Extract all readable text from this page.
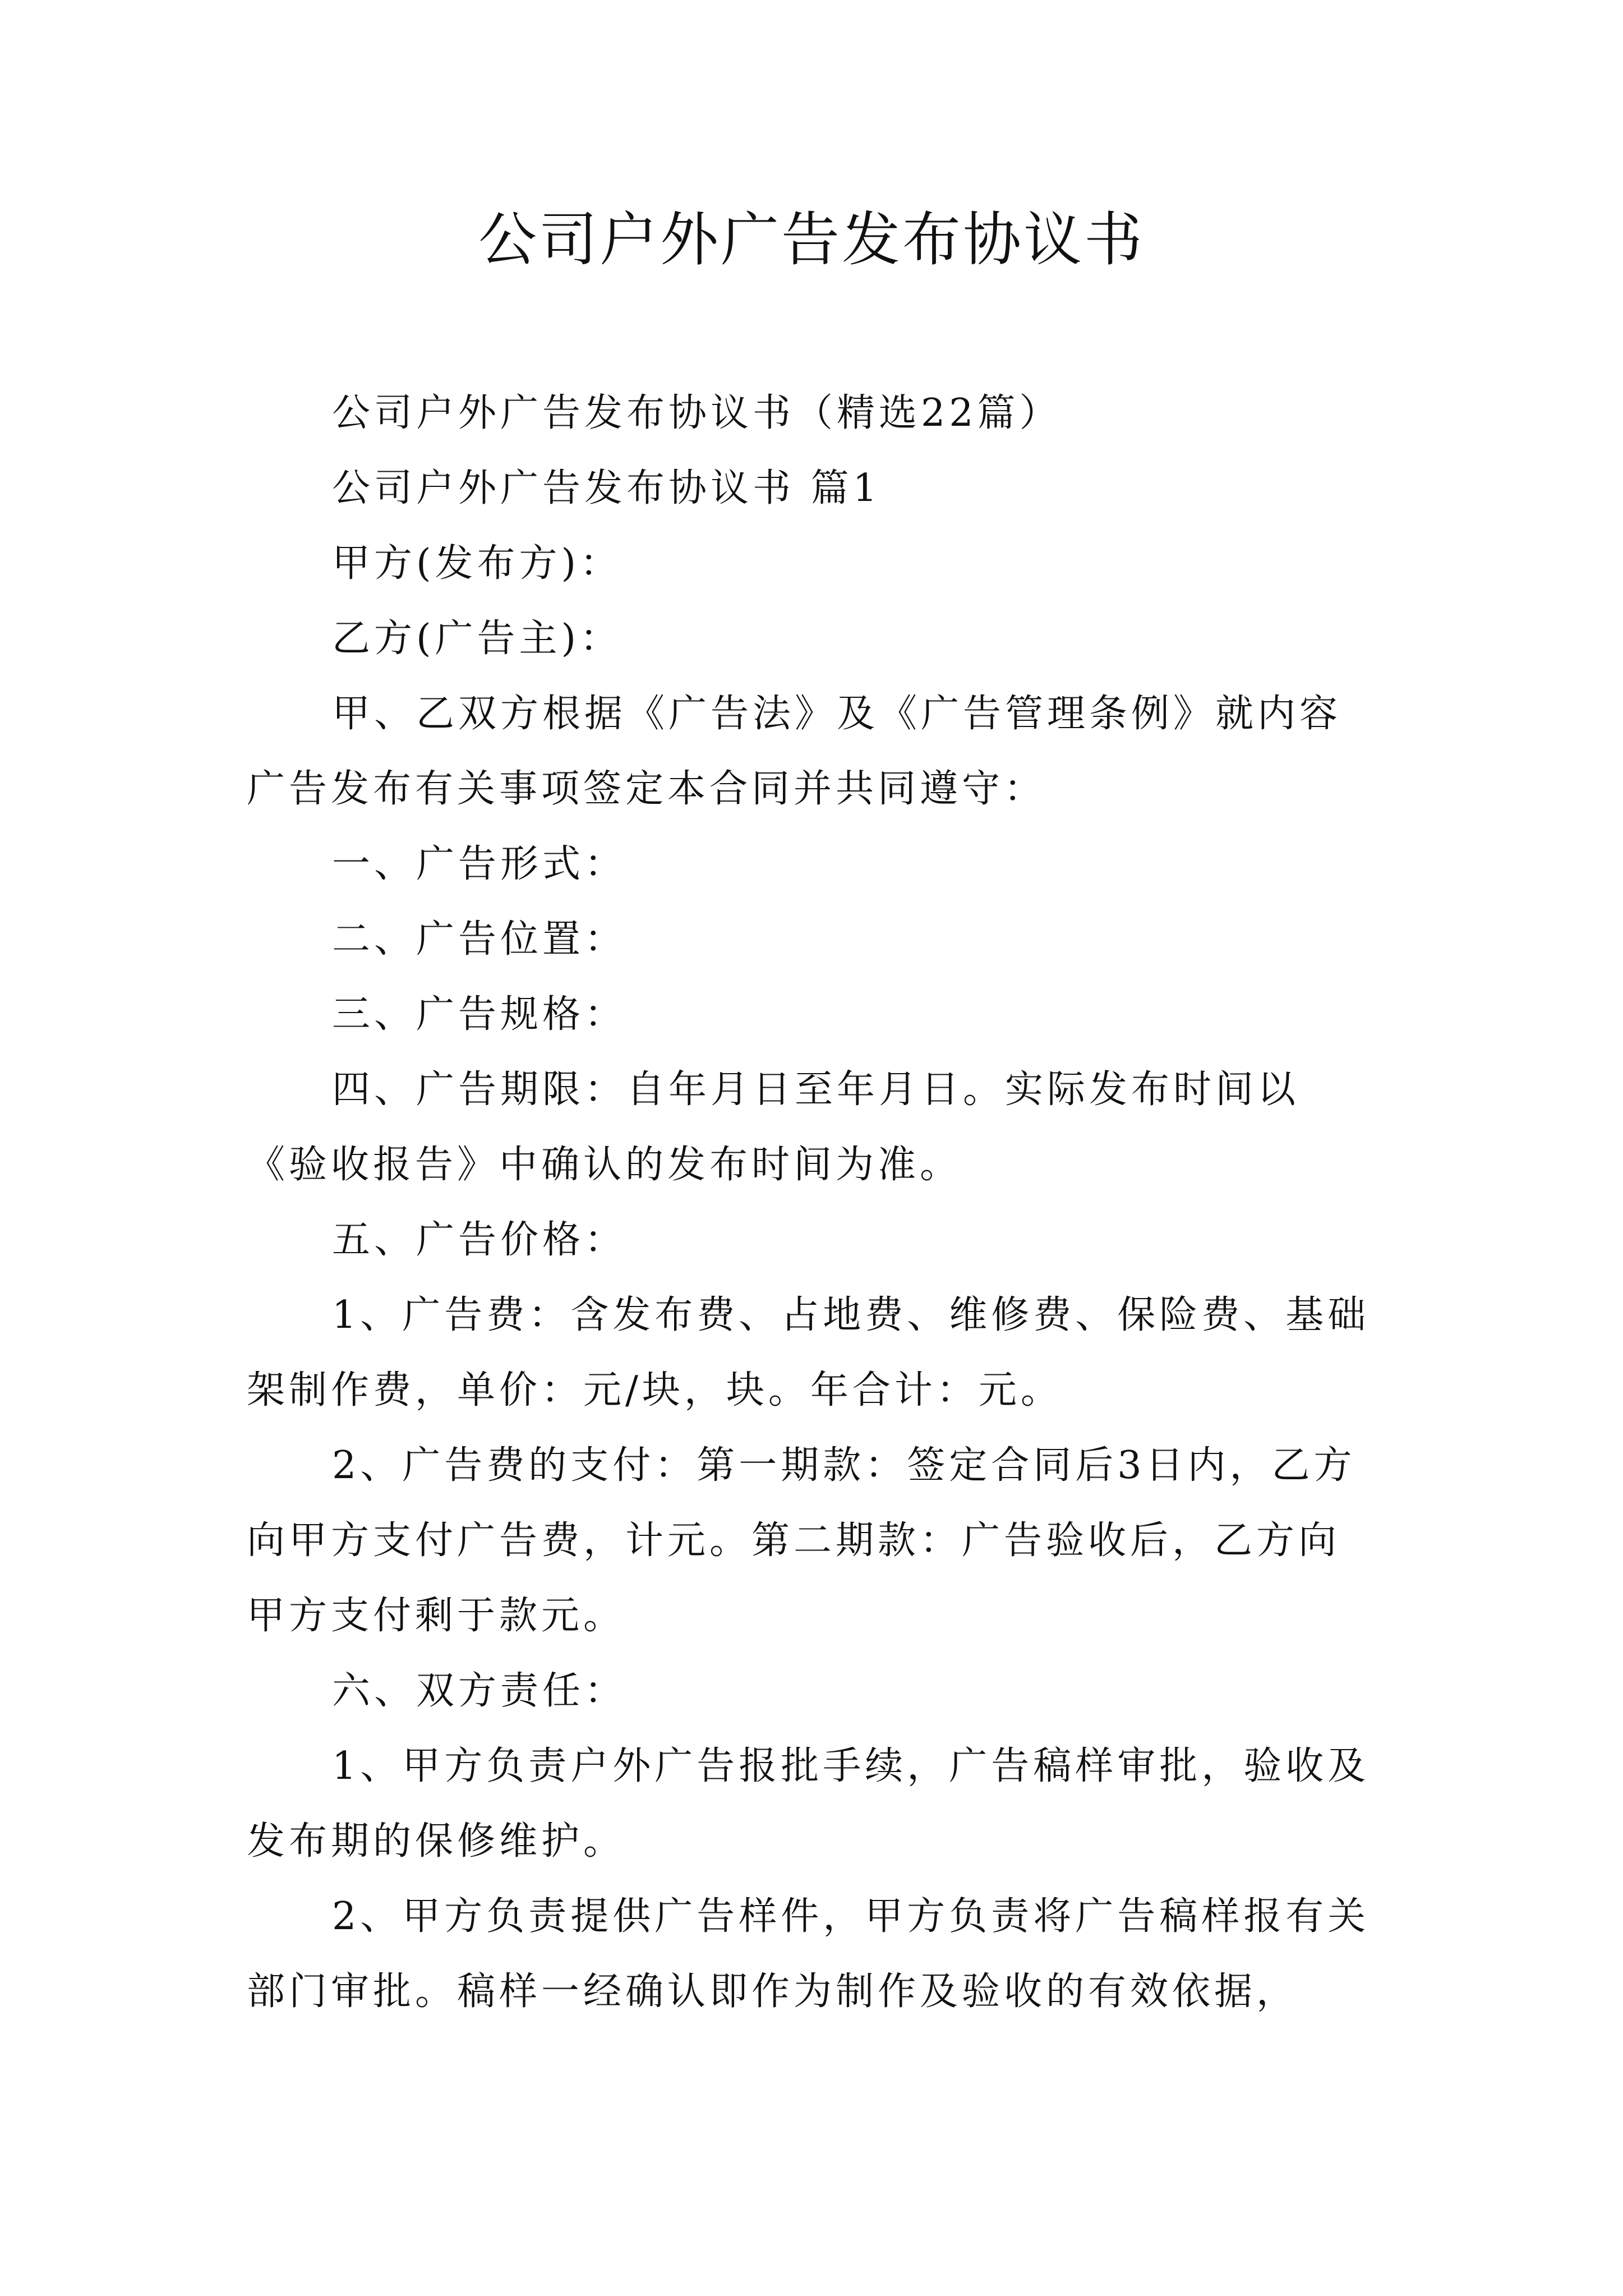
公司户外广告发布协议书

公司户外广告发布协议书（精选22篇）

公司户外广告发布协议书 篇1

甲方(发布方)：

乙方(广告主)：

甲、乙双方根据《广告法》及《广告管理条例》就内容广告发布有关事项签定本合同并共同遵守：

一、广告形式：

二、广告位置：

三、广告规格：

四、广告期限：自年月日至年月日。实际发布时间以《验收报告》中确认的发布时间为准。

五、广告价格：

1、广告费：含发布费、占地费、维修费、保险费、基础架制作费，单价：元/块，块。年合计：元。

2、广告费的支付：第一期款：签定合同后3日内，乙方向甲方支付广告费，计元。第二期款：广告验收后，乙方向甲方支付剩于款元。

六、双方责任：

1、甲方负责户外广告报批手续，广告稿样审批，验收及发布期的保修维护。

2、甲方负责提供广告样件，甲方负责将广告稿样报有关部门审批。稿样一经确认即作为制作及验收的有效依据，
